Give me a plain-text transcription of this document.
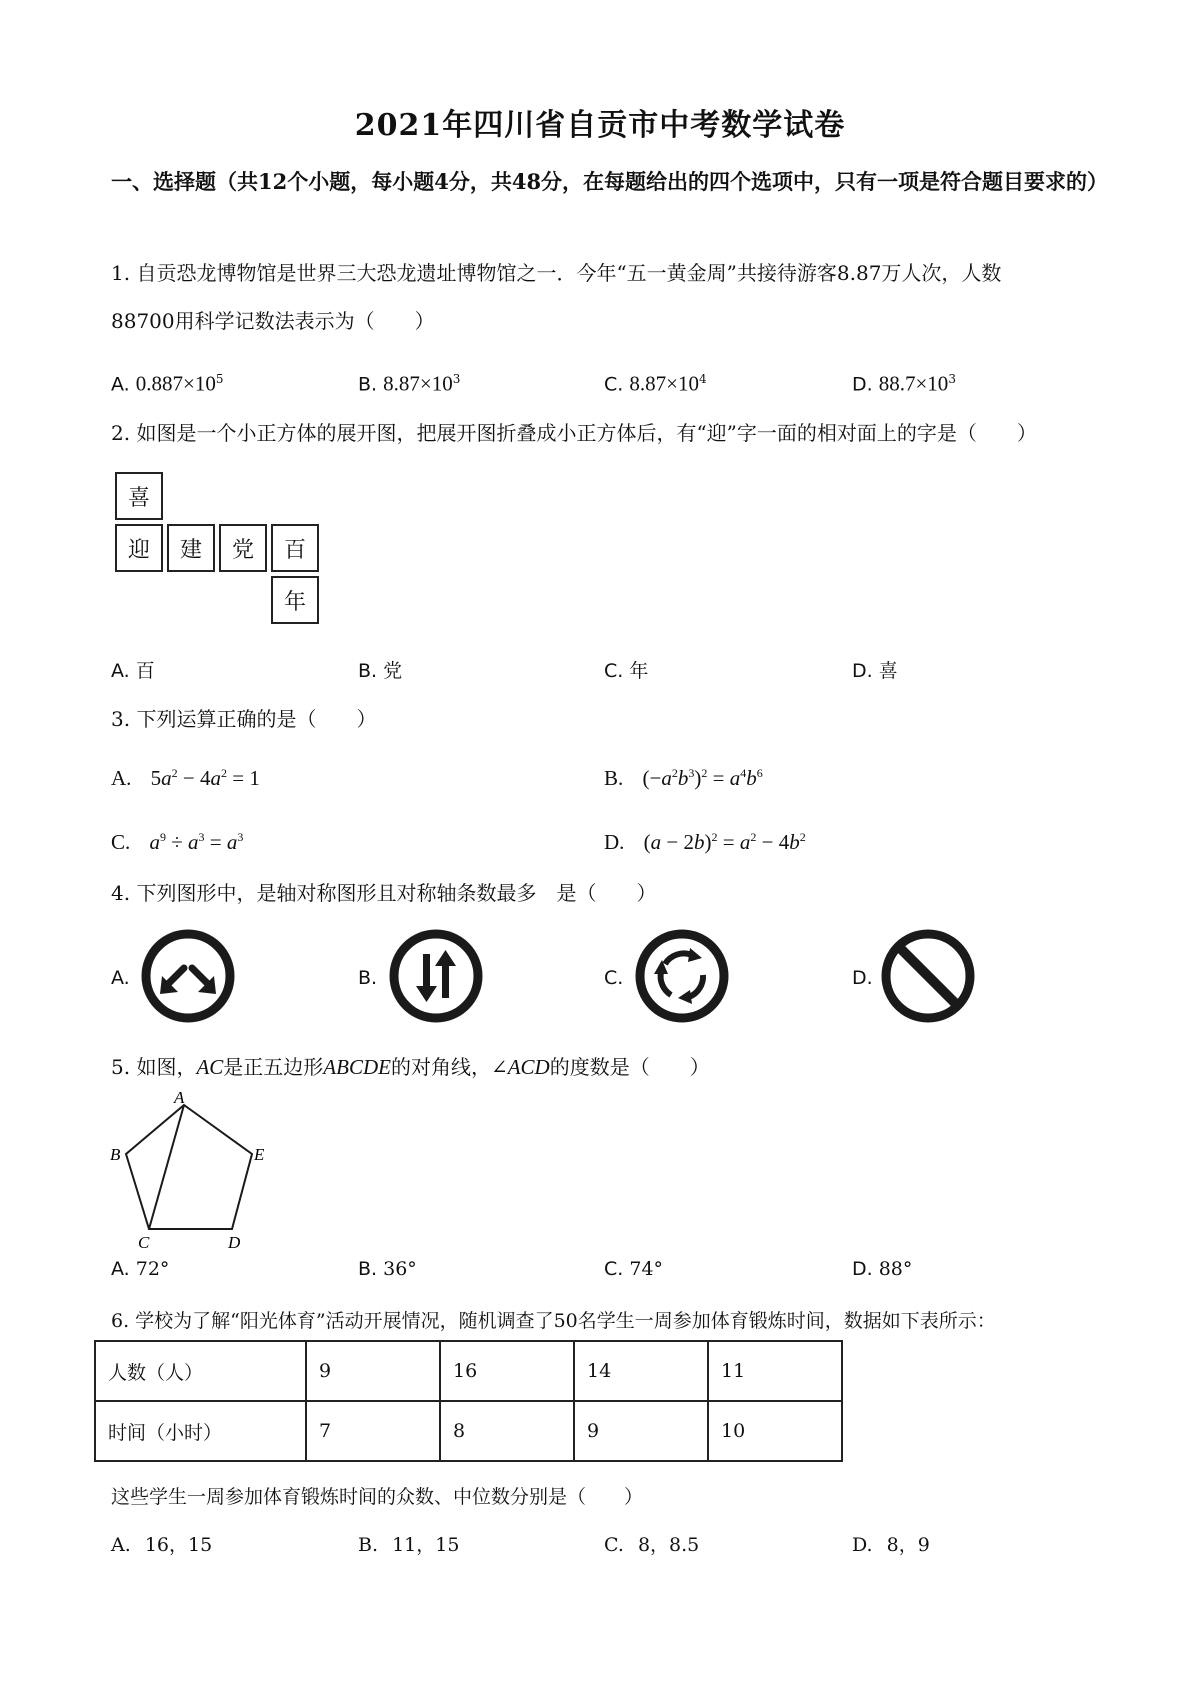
2021年四川省自贡市中考数学试卷
一、选择题（共12个小题，每小题4分，共48分，在每题给出的四个选项中，只有一项是符合题目要求的）
1. 自贡恐龙博物馆是世界三大恐龙遗址博物馆之一．今年“五一黄金周”共接待游客8.87万人次，人数
88700用科学记数法表示为（　　）
A. $0.887\times 10^5$	B. $8.87\times 10^3$	C. $8.87\times 10^4$	D. $88.7\times 10^3$
2. 如图是一个小正方体的展开图，把展开图折叠成小正方体后，有“迎”字一面的相对面上的字是（　　）
喜
迎	建	党	百
年
A. 百	B. 党	C. 年	D. 喜
3. 下列运算正确的是（　　）
A. $5a^2 - 4a^2 = 1$	B. $(-a^2b^3)^2 = a^4b^6$
C. $a^9 \div a^3 = a^3$	D. $(a - 2b)^2 = a^2 - 4b^2$
4. 下列图形中，是轴对称图形且对称轴条数最多　是（　　）
A.	B.	C.	D.
5. 如图，AC是正五边形ABCDE的对角线，∠ACD的度数是（　　）
A
B
C	D
E
A. 72°	B. 36°	C. 74°	D. 88°
6. 学校为了解“阳光体育”活动开展情况，随机调查了50名学生一周参加体育锻炼时间，数据如下表所示：
人数（人）	9	16	14	11
时间（小时）	7	8	9	10
这些学生一周参加体育锻炼时间的众数、中位数分别是（　　）
A. 16，15	B. 11，15	C. 8，8.5	D. 8，9
